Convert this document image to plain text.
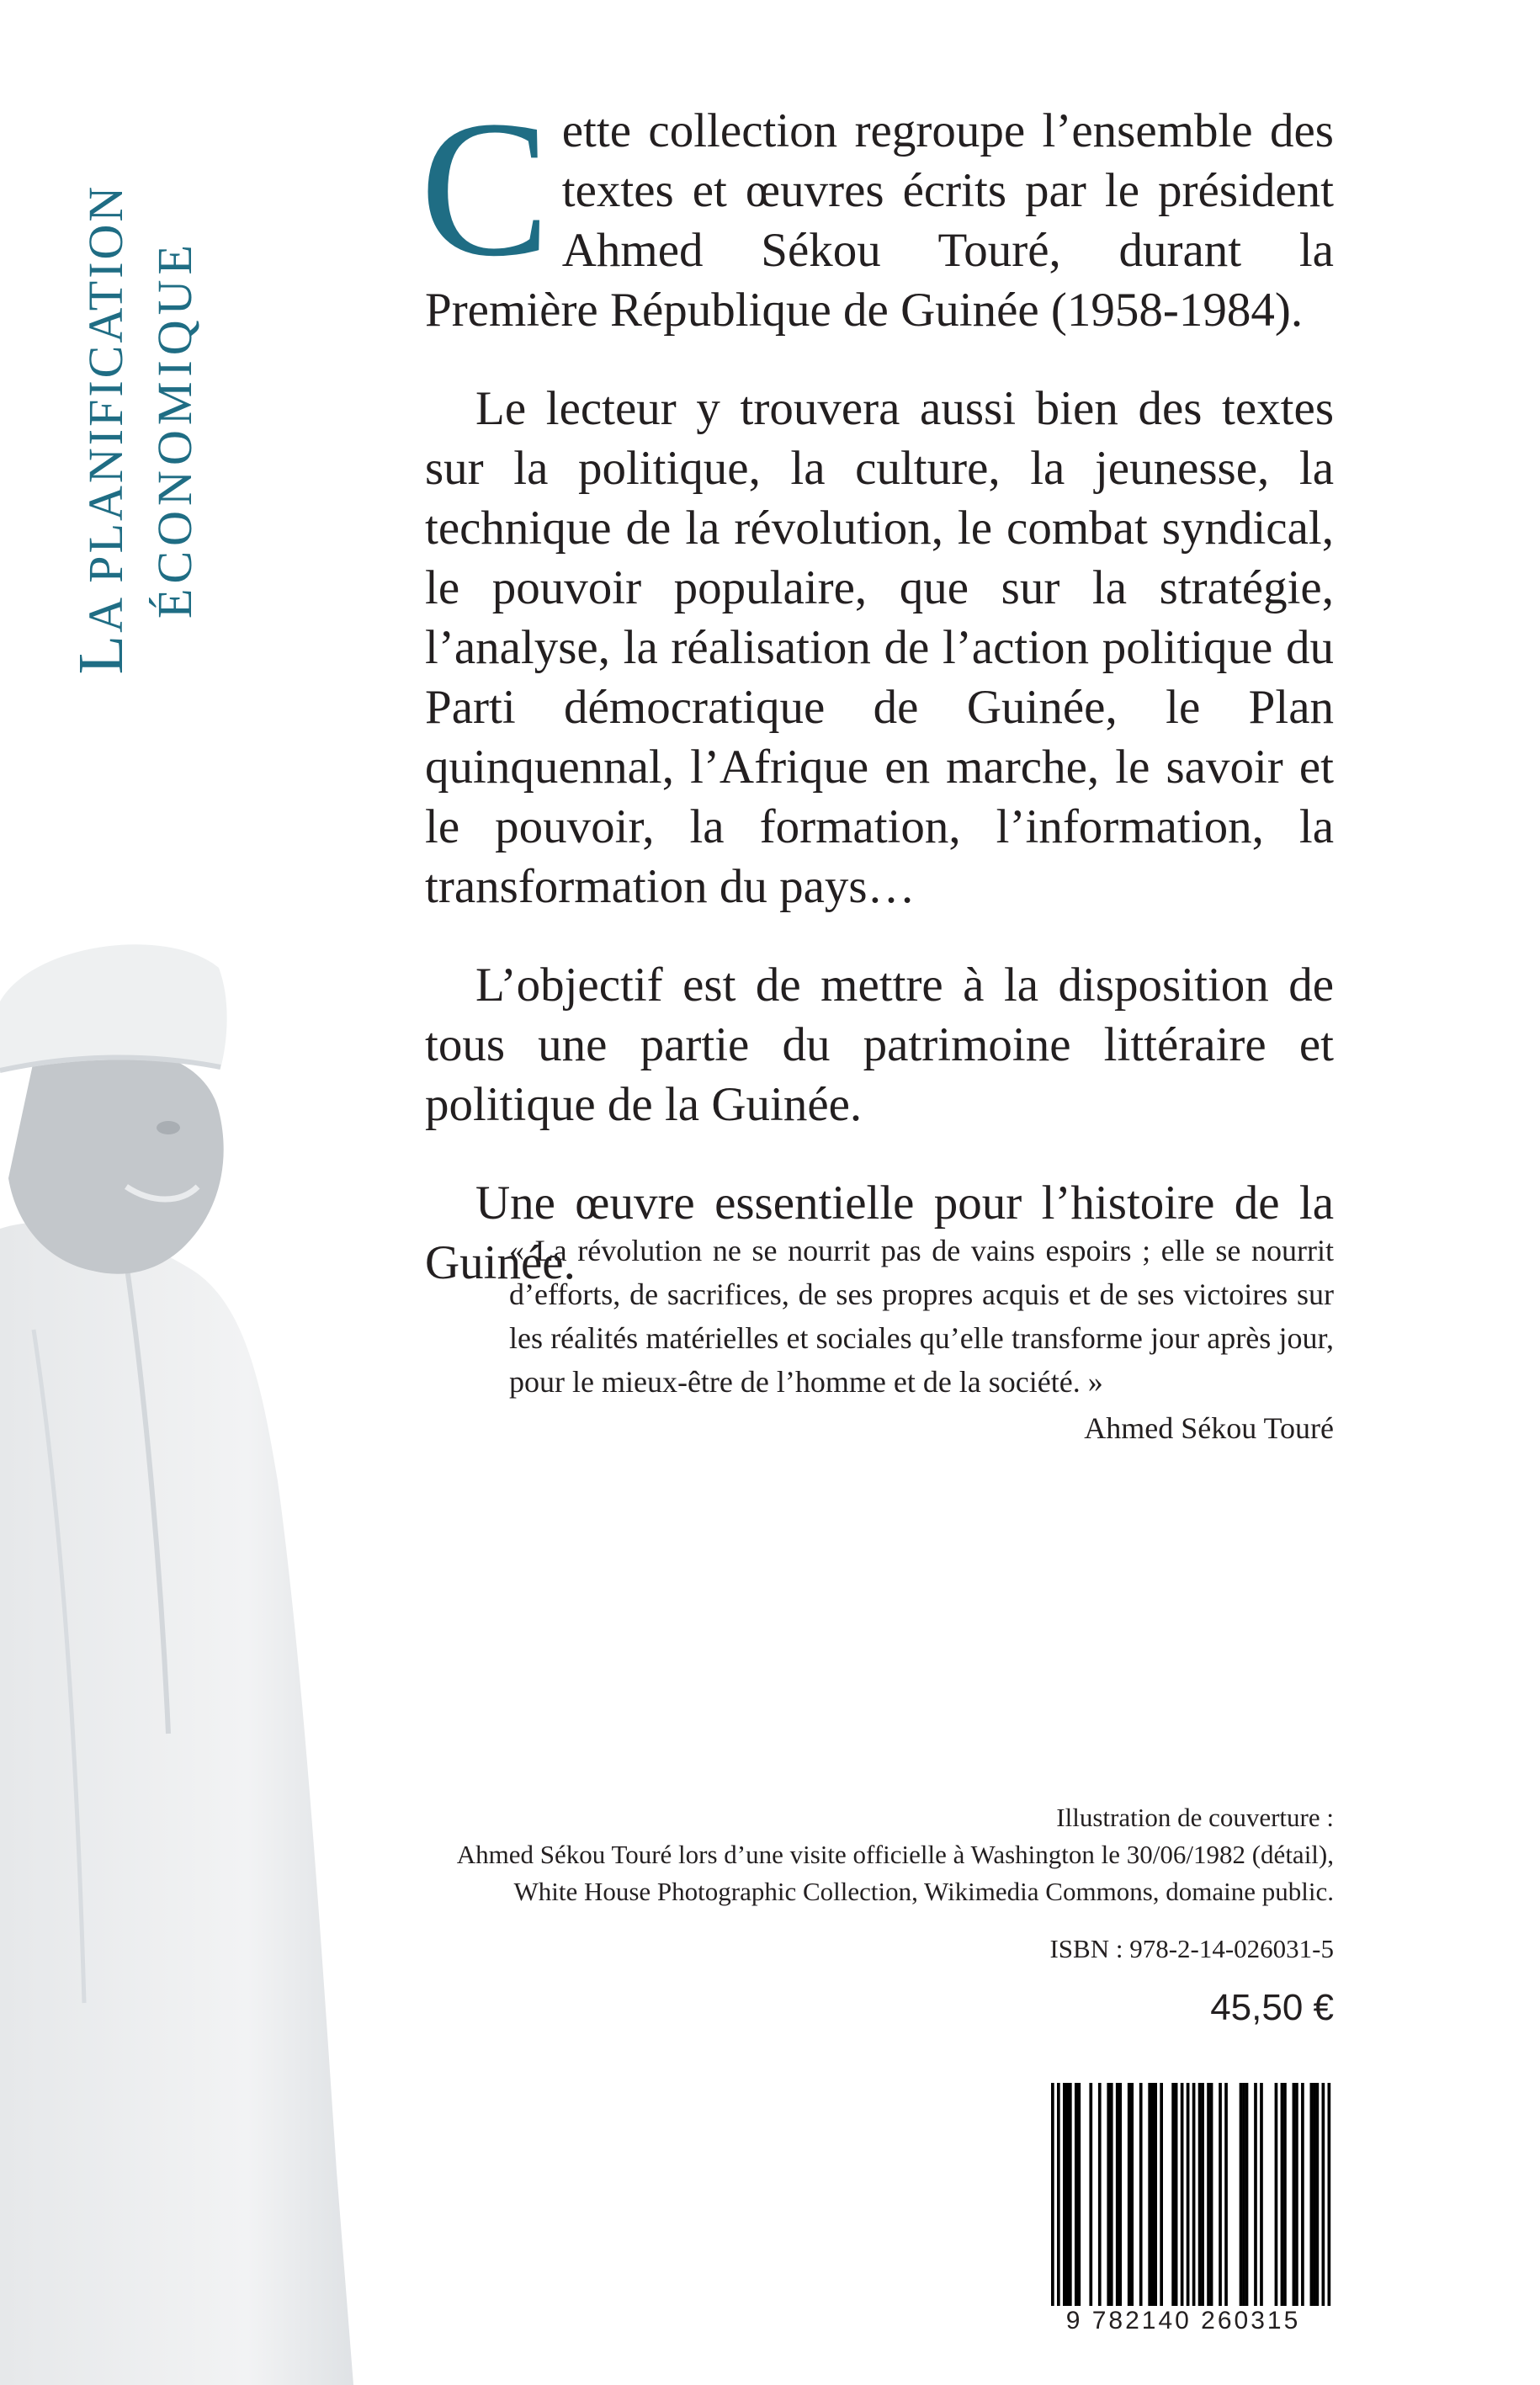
LA PLANIFICATION ÉCONOMIQUE

Cette collection regroupe l’ensemble des textes et œuvres écrits par le président Ahmed Sékou Touré, durant la Première République de Guinée (1958-1984).

Le lecteur y trouvera aussi bien des textes sur la politique, la culture, la jeunesse, la technique de la révolution, le combat syndical, le pouvoir populaire, que sur la stratégie, l’analyse, la réalisation de l’action politique du Parti démocratique de Guinée, le Plan quinquennal, l’Afrique en marche, le savoir et le pouvoir, la formation, l’information, la transformation du pays…

L’objectif est de mettre à la disposition de tous une partie du patrimoine littéraire et politique de la Guinée.

Une œuvre essentielle pour l’histoire de la Guinée.

« La révolution ne se nourrit pas de vains espoirs ; elle se nourrit d’efforts, de sacrifices, de ses propres acquis et de ses victoires sur les réalités matérielles et sociales qu’elle transforme jour après jour, pour le mieux-être de l’homme et de la société. »

Ahmed Sékou Touré
Illustration de couverture :
Ahmed Sékou Touré lors d’une visite officielle à Washington le 30/06/1982 (détail),
White House Photographic Collection, Wikimedia Commons, domaine public.
ISBN : 978-2-14-026031-5
45,50 €
9 782140 260315
